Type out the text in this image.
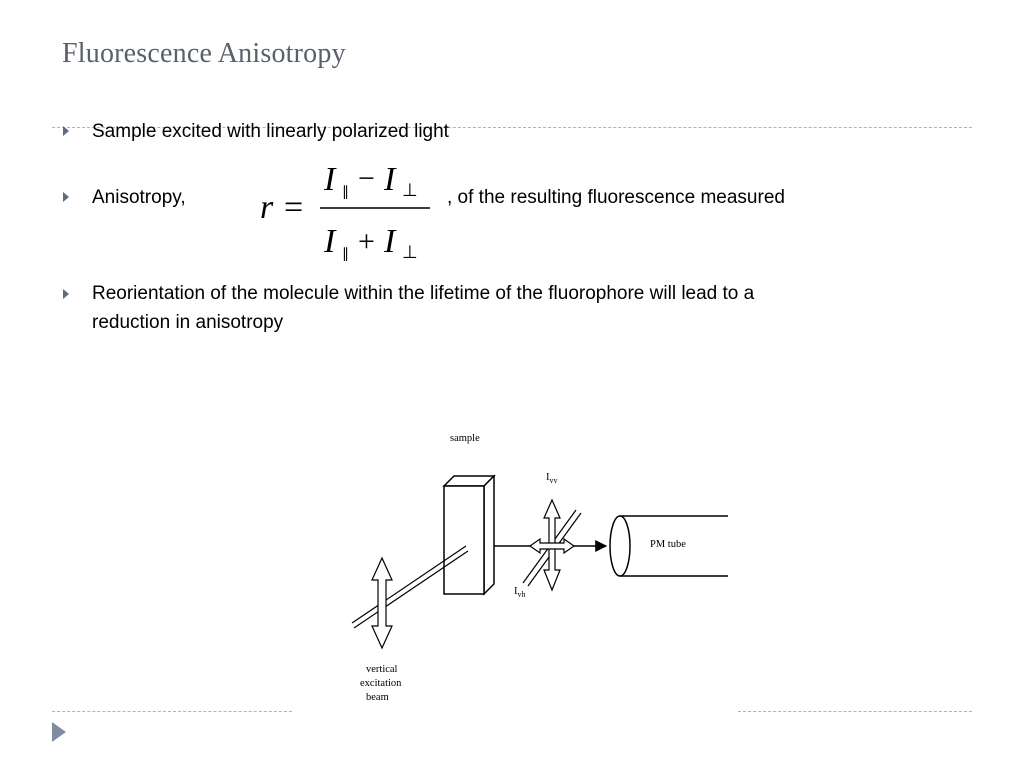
Fluorescence Anisotropy
Sample excited with linearly polarized light
Anisotropy,	, of the resulting fluorescence measured
r =
I ∥ − I ⊥
I ∥ + I ⊥
Reorientation of the molecule within the lifetime of the fluorophore will lead to a
reduction in anisotropy
sample
$I_{vv}$
$I_{vh}$
PM tube
vertical
excitation
beam
